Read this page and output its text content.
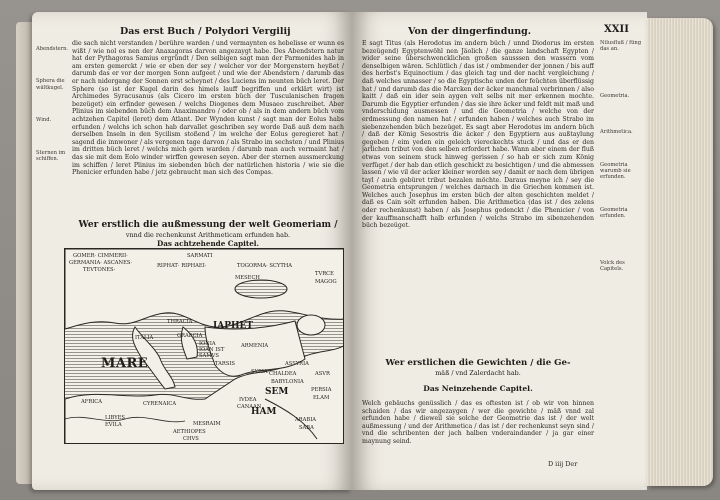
Das erst Buch / Polydori Vergilij

Abendstern.

Sphera die wältkugel.

Wind.

Sternen im schiffen.

die sach nicht verstanden / berühre warden / und vermaynten es hebelisse er wunn es wißt / wie nol es nen der Anaxagoras darvon angezaygt habe. Des Abendstern natur hat der Pythagoras Samius ergründt / Den selbigen sagt man der Parmenides hab in am ersten gemerckt / wie er eben der sey / welcher vor der Morgenstern heyßet / darumb das er vor der morgen Sonn aufgeet / und wie der Abendstern / darumb das er nach nidergang der Sonnen erst scheynet / des Luciens im neunten büch leret. Der Sphere (so ist der Kugel darin des himels lauff begriffen und erklärt wirt) ist Archimedes Syracusanus (als Cicero im ersten büch der Tusculanischen fragen bezeüget) ein erfinder gewesen / welchs Diogenes dem Musaeo zuschreibet. Aber Plinius im siebenden büch dem Anaximandro / oder ob / als in dem andern büch vom achtzehen Capitel (leret) dem Atlant. Der Wynden kunst / sagt man der Eolus habs erfunden / welchs ich schon hab darvallet geschriben sey worde Daß auß dem nach derselben Inseln in den Sycilism stoßend / im welche der Eolus geregieret hat / sagend die innwoner / als vergenen tage darvon / als Strabo im sechsten / und Plinius im dritten büch leret / welchs mich gern warden / darumb man auch vermaint hat / das sie mit dem Eolo winder wirffen gewesen seyen. Aber der sternen aussmerckung im schiffen / leret Plinius im siebenden büch der natürlichen historia / wie sie die Phenicier erfunden habe / jetz gebraucht man sich des Compas.
Wer erstlich die außmessung der welt Geomeriam /
vnnd die rechenkunst Arithmeticam erfunden hab.
Das achtzehende Capitel.
GOMER· CIMMERII·
GERMANIA· ASCANES·
TEVTONES·
SARMATI
RIPHAT· RIPHAEI·	TOGORMA· SCYTHA
MESECH
TVRCE
MAGOG
ITALIA	GRAECIA
IAPHET
IONIA
IOAN IST
SAMVS
ARMENIA
THRACIA
ASSYRIA
CHALDEA	ASVR
BABYLONIA
SEM	PERSIA
ELAM
MARE
AFRICA	CYRENAICA
LIBYES
EVILA
AETHIOPES
CHVS
HAM
ARABIA
SABA
MESRAIM
TARSIS
SYRIA
IVDEA
CANAAN
Von der dingerfindung.	XXII
E sagt Titus (als Herodotus im andern büch / unnd Diodorus im ersten bezeügend) Egyptenwöhl nen Jäolich / die ganze landschaft Egypten / wider seine überschwencklichen großen sausssen den wassern vom denselbigen wären. Schlütlich / das ist / ombmender der jonnen / bis auff des herbst's Equinoctium / das gleich tag und der nacht vergleichung / daß welches unnasser / so die Egyptische unden der feüchten überflüssig hat / und darumb das die Marcken der äcker manchmal verbrinnen / also kaitt / daß ein ider sein aygen velt selbs nit mer erkennen mochte. Darumb die Egyptier erfunden / das sie ihre äcker und feldt mit maß und vnderschidung ausmessen / und die Geometria / welche von der erdmessung den namen hat / erfunden haben / welches auch Strabo im siebenzehenden büch bezeüget. Es sagt aber Herodotus im andern büch / daß der König Sesostris die äcker / den Egyptiern aus außtaylung gegeben / eim yeden ein geleich viereckechts stuck / und das er den jarlichen tribut von den selben erfordert habe. Wann aber einem der fluß etwas von seinem stuck hinweg gerissen / so hab er sich zum König verfüget / der hab dan etlich geschickt zu besichtigen / und die abmessen lassen / wie vil der acker kleiner worden sey / damit er nach dem übrigen tayl / auch gebüret tribut bezalen möchte. Daraus meyne ich / sey die Geometria entsprungen / welches darnach in die Griechen kommen ist. Welches auch Josephus im ersten büch der alten geschichten meldet / daß es Cain solt erfunden haben. Die Arithmetica (das ist / des zelens oder rechenkunst) haben / als Josephus gedenckt / die Phenicier / von der kauffmanschafft halb erfunden / welchs Strabo im sibenzehenden büch bezeüget.

Nilusfluß / füng das an.

Geometria.

Arithmetica.

Geometria warumb sie erfunden.

Geometria erfunden.

Volck des Capitels.

Wer erstlichen die Gewichten / die Ge-
mäß / vnd Zalerdacht hab.
Das Neinzehende Capitel.
Welch gebäuchs genüsslich / das es oftesten ist / ob wir von hinnen schaiden / das wir angezaygen / wer die gewichte / mäß vnnd zal erfunden habe / dieweil sie solche der Geometrie das ist / der welt außmessung / und der Arithmetica / das ist / der rechenkunst seyn sind / vnd die schribenten der jach halben vnderaindander / ja gar einer maynung seind.
D iiij Der
